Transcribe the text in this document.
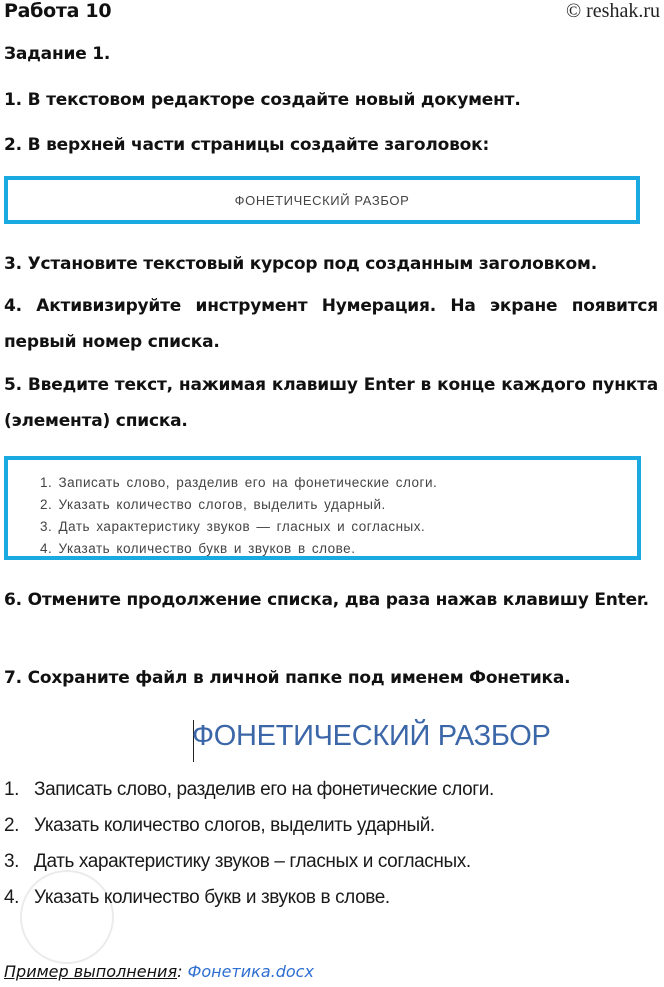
Работа 10	© reshak.ru
Задание 1.
1. В текстовом редакторе создайте новый документ.
2. В верхней части страницы создайте заголовок:
ФОНЕТИЧЕСКИЙ РАЗБОР
3. Установите текстовый курсор под созданным заголовком.
4. Активизируйте инструмент Нумерация. На экране появится первый номер списка.
5. Введите текст, нажимая клавишу Enter в конце каждого пункта (элемента) списка.
1. Записать слово, разделив его на фонетические слоги.
2. Указать количество слогов, выделить ударный.
3. Дать характеристику звуков — гласных и согласных.
4. Указать количество букв и звуков в слове.
6. Отмените продолжение списка, два раза нажав клавишу Enter.
7. Сохраните файл в личной папке под именем Фонетика.
ФОНЕТИЧЕСКИЙ РАЗБОР
1. Записать слово, разделив его на фонетические слоги.
2. Указать количество слогов, выделить ударный.
3. Дать характеристику звуков – гласных и согласных.
4. Указать количество букв и звуков в слове.
Пример выполнения: Фонетика.docx
